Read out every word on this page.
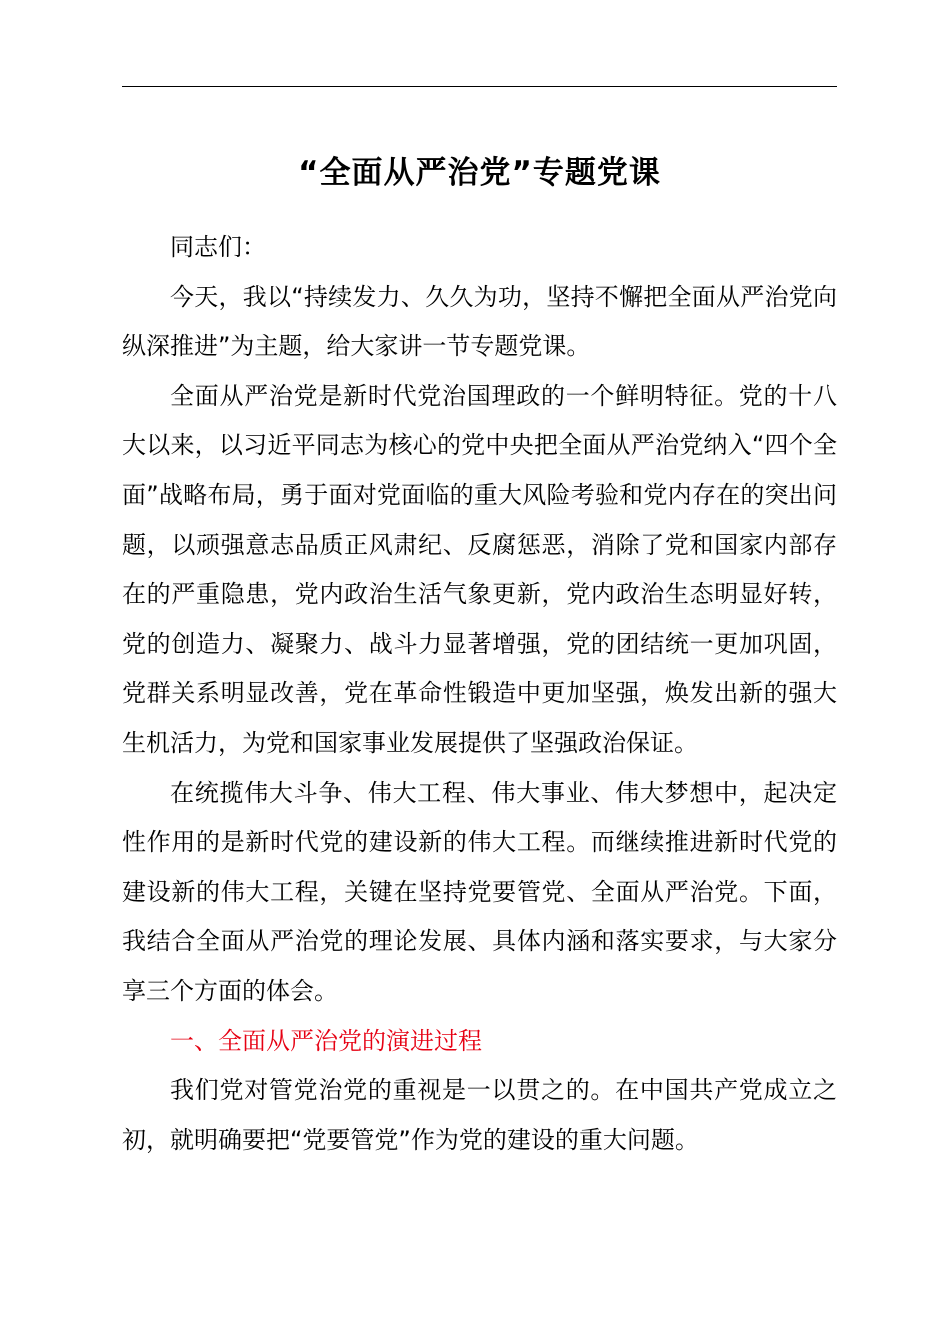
“全面从严治党”专题党课

同志们：

今天，我以“持续发力、久久为功，坚持不懈把全面从严治党向纵深推进”为主题，给大家讲一节专题党课。

全面从严治党是新时代党治国理政的一个鲜明特征。党的十八大以来，以习近平同志为核心的党中央把全面从严治党纳入“四个全面”战略布局，勇于面对党面临的重大风险考验和党内存在的突出问题，以顽强意志品质正风肃纪、反腐惩恶，消除了党和国家内部存在的严重隐患，党内政治生活气象更新，党内政治生态明显好转，党的创造力、凝聚力、战斗力显著增强，党的团结统一更加巩固，党群关系明显改善，党在革命性锻造中更加坚强，焕发出新的强大生机活力，为党和国家事业发展提供了坚强政治保证。

在统揽伟大斗争、伟大工程、伟大事业、伟大梦想中，起决定性作用的是新时代党的建设新的伟大工程。而继续推进新时代党的建设新的伟大工程，关键在坚持党要管党、全面从严治党。下面，我结合全面从严治党的理论发展、具体内涵和落实要求，与大家分享三个方面的体会。

一、全面从严治党的演进过程

我们党对管党治党的重视是一以贯之的。在中国共产党成立之初，就明确要把“党要管党”作为党的建设的重大问题。
